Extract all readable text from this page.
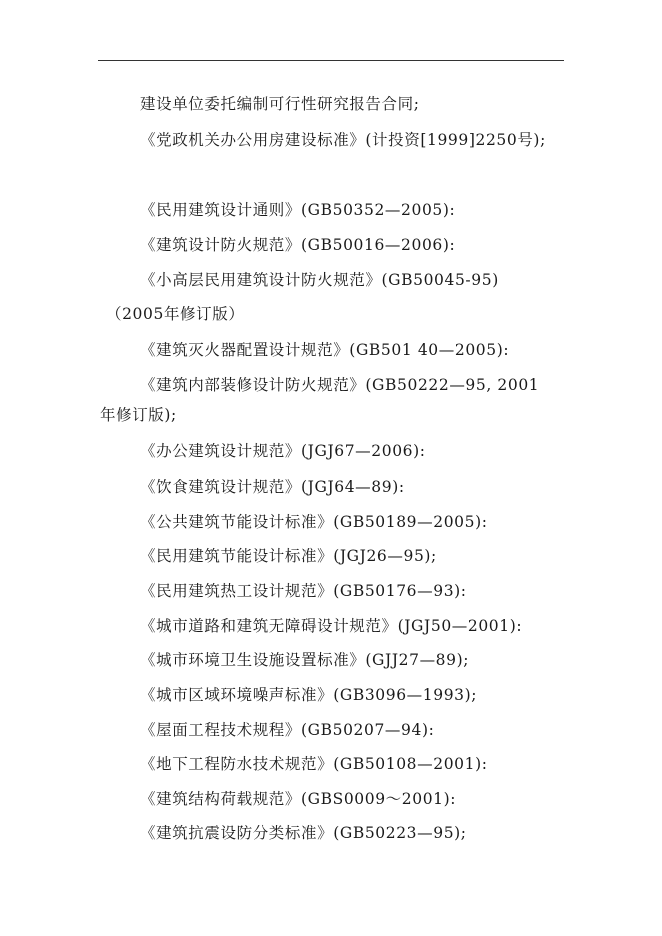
建设单位委托编制可行性研究报告合同;
《党政机关办公用房建设标准》(计投资[1999]2250号);
《民用建筑设计通则》(GB50352—2005):
《建筑设计防火规范》(GB50016—2006):
《小高层民用建筑设计防火规范》(GB50045-95)
（2005年修订版）
《建筑灭火器配置设计规范》(GB501 40—2005):
《建筑内部装修设计防火规范》(GB50222—95, 2001
年修订版);
《办公建筑设计规范》(JGJ67—2006):
《饮食建筑设计规范》(JGJ64—89):
《公共建筑节能设计标准》(GB50189—2005):
《民用建筑节能设计标准》(JGJ26—95);
《民用建筑热工设计规范》(GB50176—93):
《城市道路和建筑无障碍设计规范》(JGJ50—2001):
《城市环境卫生设施设置标准》(GJJ27—89);
《城市区域环境噪声标准》(GB3096—1993);
《屋面工程技术规程》(GB50207—94):
《地下工程防水技术规范》(GB50108—2001):
《建筑结构荷载规范》(GBS0009～2001):
《建筑抗震设防分类标准》(GB50223—95);
